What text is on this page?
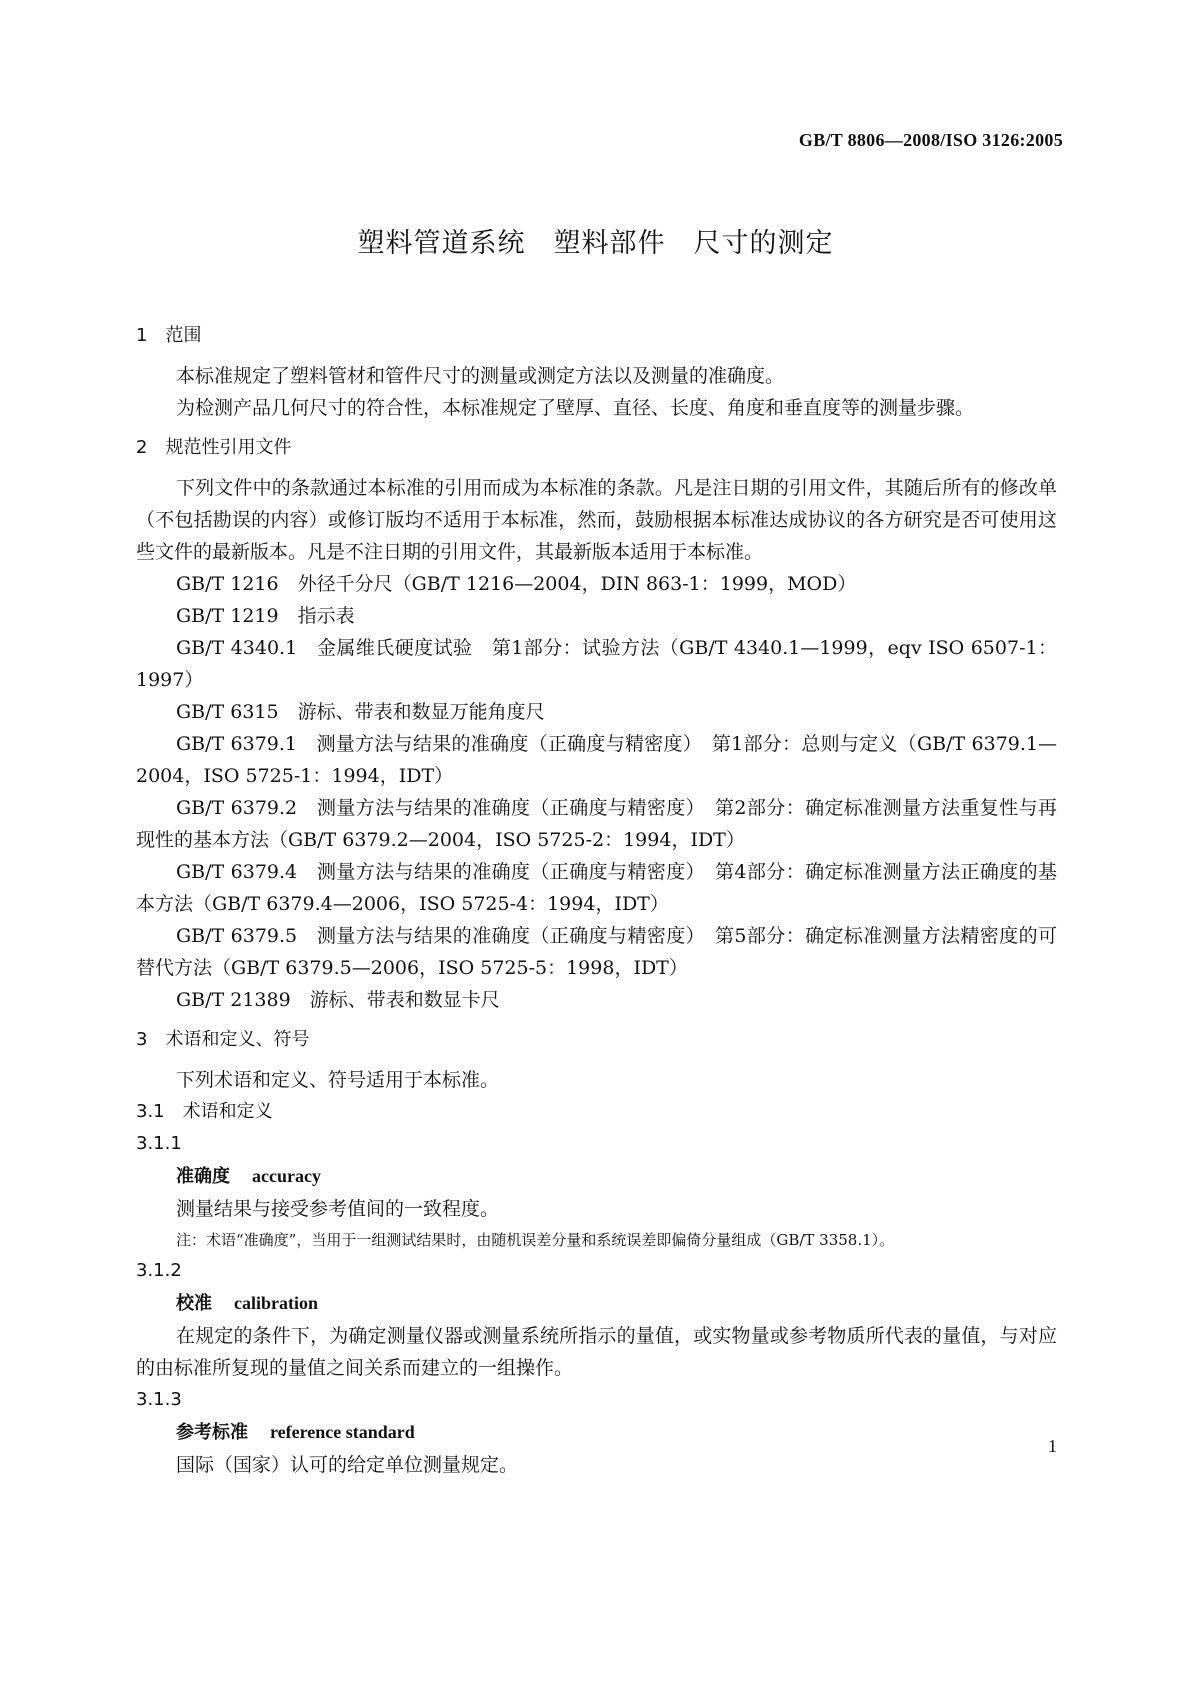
GB/T 8806—2008/ISO 3126:2005
塑料管道系统　塑料部件　尺寸的测定

1　范围

本标准规定了塑料管材和管件尺寸的测量或测定方法以及测量的准确度。

为检测产品几何尺寸的符合性，本标准规定了壁厚、直径、长度、角度和垂直度等的测量步骤。

2　规范性引用文件

下列文件中的条款通过本标准的引用而成为本标准的条款。凡是注日期的引用文件，其随后所有的修改单（不包括勘误的内容）或修订版均不适用于本标准，然而，鼓励根据本标准达成协议的各方研究是否可使用这些文件的最新版本。凡是不注日期的引用文件，其最新版本适用于本标准。

GB/T 1216　外径千分尺（GB/T 1216—2004，DIN 863-1：1999，MOD）

GB/T 1219　指示表

GB/T 4340.1　金属维氏硬度试验　第1部分：试验方法（GB/T 4340.1—1999，eqv ISO 6507-1：1997）

GB/T 6315　游标、带表和数显万能角度尺

GB/T 6379.1　测量方法与结果的准确度（正确度与精密度）　第1部分：总则与定义（GB/T 6379.1—2004，ISO 5725-1：1994，IDT）

GB/T 6379.2　测量方法与结果的准确度（正确度与精密度）　第2部分：确定标准测量方法重复性与再现性的基本方法（GB/T 6379.2—2004，ISO 5725-2：1994，IDT）

GB/T 6379.4　测量方法与结果的准确度（正确度与精密度）　第4部分：确定标准测量方法正确度的基本方法（GB/T 6379.4—2006，ISO 5725-4：1994，IDT）

GB/T 6379.5　测量方法与结果的准确度（正确度与精密度）　第5部分：确定标准测量方法精密度的可替代方法（GB/T 6379.5—2006，ISO 5725-5：1998，IDT）

GB/T 21389　游标、带表和数显卡尺

3　术语和定义、符号

下列术语和定义、符号适用于本标准。

3.1　术语和定义

3.1.1

准确度 accuracy

测量结果与接受参考值间的一致程度。

注：术语“准确度”，当用于一组测试结果时，由随机误差分量和系统误差即偏倚分量组成（GB/T 3358.1）。

3.1.2

校准 calibration

在规定的条件下，为确定测量仪器或测量系统所指示的量值，或实物量或参考物质所代表的量值，与对应的由标准所复现的量值之间关系而建立的一组操作。

3.1.3

参考标准 reference standard

国际（国家）认可的给定单位测量规定。

1
